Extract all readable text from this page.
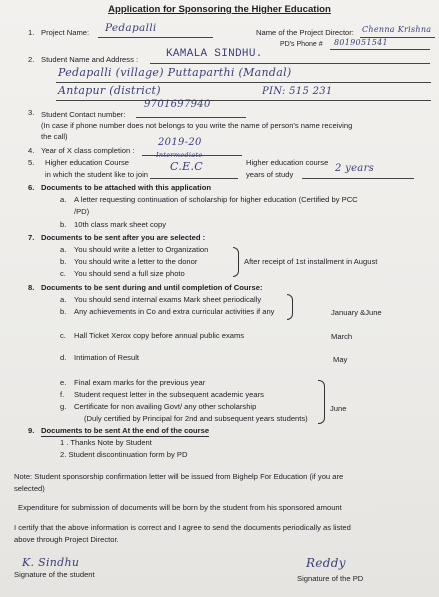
Application for Sponsoring the Higher Education
1. Project Name: Pedapalli	Name of the Project Director: Chenna Krishna
PD's Phone # 8019051541
2. Student Name and Address :	KAMALA SINDHU.
Pedapalli (village) Puttaparthi (Mandal)
Antapur (district)	PIN: 515 231
3. Student Contact number:
9701697940
(In case if phone number does not belongs to you write the name of person's name receiving
the call)
4. Year of X class completion :
2019-20
5. Higher education Course
in which the student like to join
Intermediate
C.E.C	Higher education course
years of study
2 years
6. Documents to be attached with this application
a. A letter requesting continuation of scholarship for higher education (Certified by PCC
/PD)
b. 10th class mark sheet copy
7. Documents to be sent after you are selected :
a. You should write a letter to Organization
b. You should write a letter to the donor
c. You should send a full size photo
After receipt of 1st installment in August
8. Documents to be sent during and until completion of Course:
a. You should send internal exams Mark sheet periodically
b. Any achievements in Co and extra curricular activities if any	January &June
c. Hall Ticket Xerox copy before annual public exams	March
d. Intimation of Result	May
e. Final exam marks for the previous year
f. Student request letter in the subsequent academic years
g. Certificate for non availing Govt/ any other scholarship
(Duly certified by Principal for 2nd and subsequent years students)
June
9. Documents to be sent At the end of the course
1 . Thanks Note by Student
2. Student discontinuation form by PD
Note: Student sponsorship confirmation letter will be issued from Bighelp For Education (if you are
selected)
Expenditure for submission of documents will be born by the student from his sponsored amount
I certify that the above information is correct and I agree to send the documents periodically as listed
above through Project Director.
K. Sindhu
Signature of the student
Reddy
Signature of the PD
